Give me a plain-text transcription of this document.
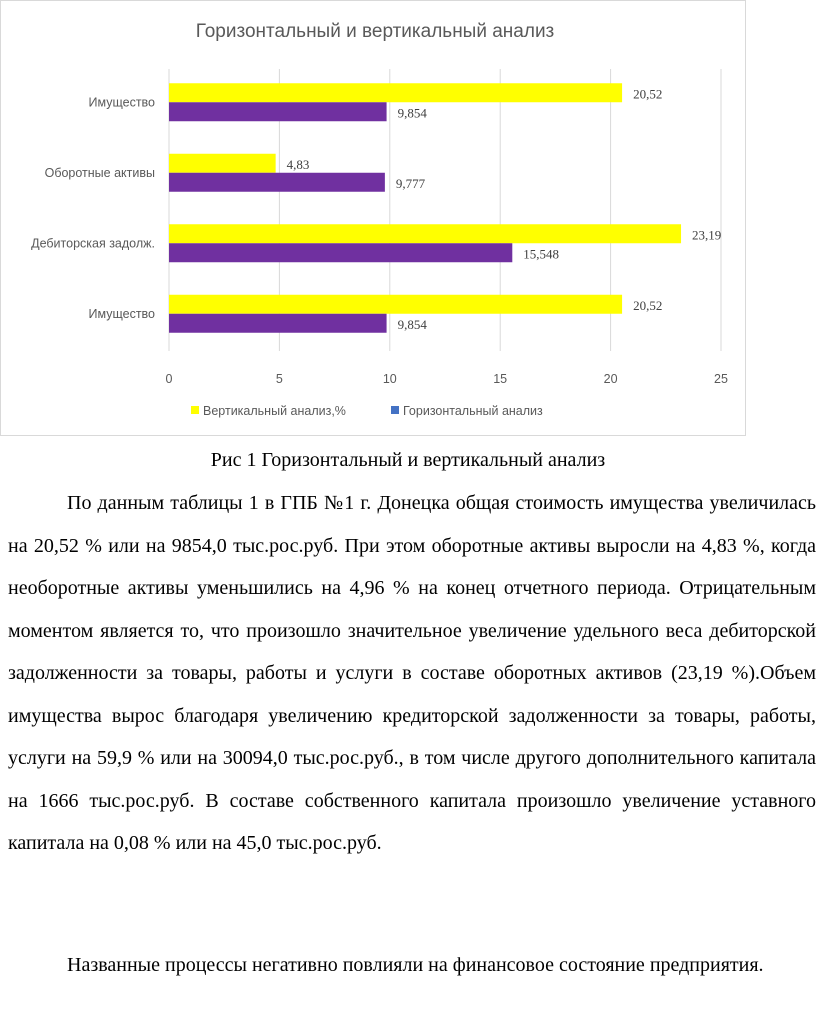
Горизонтальный и вертикальный анализ
0	5	10	15	20	25
Имущество
20,52
9,854
Оборотные активы
4,83
9,777
Дебиторская задолж.
23,19
15,548
Имущество
20,52
9,854
Вертикальный анализ,%	Горизонтальный анализ
Рис 1 Горизонтальный и вертикальный анализ

По данным таблицы 1 в ГПБ №1 г. Донецка общая стоимость имущества увеличилась на 20,52 % или на 9854,0 тыс.рос.руб. При этом оборотные активы выросли на 4,83 %, когда необоротные активы уменьшились на 4,96 % на конец отчетного периода. Отрицательным моментом является то, что произошло значительное увеличение удельного веса дебиторской задолженности за товары, работы и услуги в составе оборотных активов (23,19 %).Объем имущества вырос благодаря увеличению кредиторской задолженности за товары, работы, услуги на 59,9 % или на 30094,0 тыс.рос.руб., в том числе другого дополнительного капитала на 1666 тыс.рос.руб. В составе собственного капитала произошло увеличение уставного капитала на 0,08 % или на 45,0 тыс.рос.руб.

Названные процессы негативно повлияли на финансовое состояние предприятия.
